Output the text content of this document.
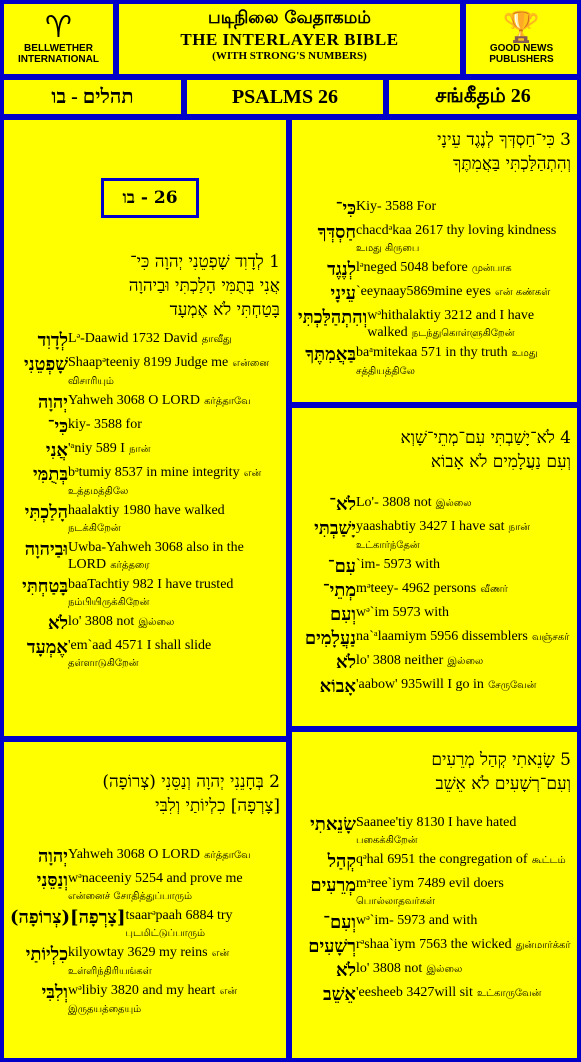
♈
BELLWETHER INTERNATIONAL
படிநிலை வேதாகமம்
THE INTERLAYER BIBLE
(WITH STRONG'S NUMBERS)
🏆
GOOD NEWS PUBLISHERS
תהלים - בו	PSALMS 26	சங்கீதம் 26
26 - בו
1 לְדָוִד שָׁפְטֵנִי יְהוָה כִּי־
אֲנִי בְּתֻמִּי הָלַכְתִּי וּבַיהוָה
בָּטַחְתִּי לֹא אֶמְעָד
לְדָוִד Lᵊ-Daawid 1732 David தாவீது
שָׁפְטֵנִי Shaapᵊteeniy 8199 Judge me என்னை விசாரியும்
יְהוָה Yahweh 3068 O LORD கர்த்தாவே
כִּי־ kiy- 3588 for
אֲנִי 'ᵃniy 589 I நான்
בְּתֻמִּי bᵊtumiy 8537 in mine integrity என் உத்தமத்திலே
הָלַכְתִּי haalaktiy 1980 have walked நடக்கிறேன்
וּבַיהוָה Uwba-Yahweh 3068 also in the LORD கர்த்தரை
בָּטַחְתִּי baaTachtiy 982 I have trusted நம்பியிருக்கிறேன்
לֹא lo' 3808 not இல்லை
אֶמְעָד 'em`aad 4571 I shall slide தள்ளாடுகிறேன்
2 בְּחָנֵנִי יְהוָה וְנַסֵּנִי (צְרוֹפָה)
[צָרְפָה] כִלְיוֹתַי וְלִבִּי
יְהוָה Yahweh 3068 O LORD கர்த்தாவே
וְנַסֵּנִי wᵊnaceeniy 5254 and prove me என்னைச் சோதித்துப்பாரும்
[צָרְפָה](צְרוֹפָה) tsaarᵊpaah 6884 try புடமிட்டுப்பாரும்
כִלְיוֹתַי kilyowtay 3629 my reins என் உள்ளிந்திரியங்கள்
וְלִבִּי wᵊlibiy 3820 and my heart என் இருதயத்தையும்
3 כִּי־חַסְדְּךָ לְנֶגֶד עֵינָי
וְהִתְהַלַּכְתִּי בַּאֲמִתֶּךָ
כִּי־ Kiy- 3588 For
חַסְדְּךָ chacdᵊkaa 2617 thy loving kindness உமது கிருபை
לְנֶגֶד lᵊneged 5048 before முன்பாக
עֵינָי `eeynaay5869mine eyes என் கண்கள்
וְהִתְהַלַּכְתִּי wᵊhithalaktiy 3212 and I have walked நடந்துகொள்ளுகிறேன்
בַּאֲמִתֶּךָ baᵃmitekaa 571 in thy truth உமது சத்தியத்திலே
4 לֹא־יָשַׁבְתִּי עִם־מְתֵי־שָׁוְא
וְעִם נַעֲלָמִים לֹא אָבוֹא
לֹא־ Lo'- 3808 not இல்லை
יָשַׁבְתִּי yaashabtiy 3427 I have sat நான் உட்கார்ந்தேன்
עִם־ `im- 5973 with
מְתֵי־ mᵊteey- 4962 persons வீணர்
וְעִם wᵊ`im 5973 with
נַעֲלָמִים na`ᵃlaamiym 5956 dissemblers வஞ்சகர்
לֹא lo' 3808 neither இல்லை
אָבוֹא 'aabow' 935will I go in சேருவேன்
5 שָׂנֵאתִי קְהַל מְרֵעִים
וְעִם־רְשָׁעִים לֹא אֵשֵׁב
שָׂנֵאתִי Saanee'tiy 8130 I have hated பகைக்கிறேன்
קְהַל qᵊhal 6951 the congregation of கூட்டம்
מְרֵעִים mᵊree`iym 7489 evil doers பொல்லாதவர்கள்
וְעִם־ wᵊ`im- 5973 and with
רְשָׁעִים rᵊshaa`iym 7563 the wicked துன்மார்க்கர்
לֹא lo' 3808 not இல்லை
אֵשֵׁב 'eesheeb 3427will sit உட்காருவேன்
